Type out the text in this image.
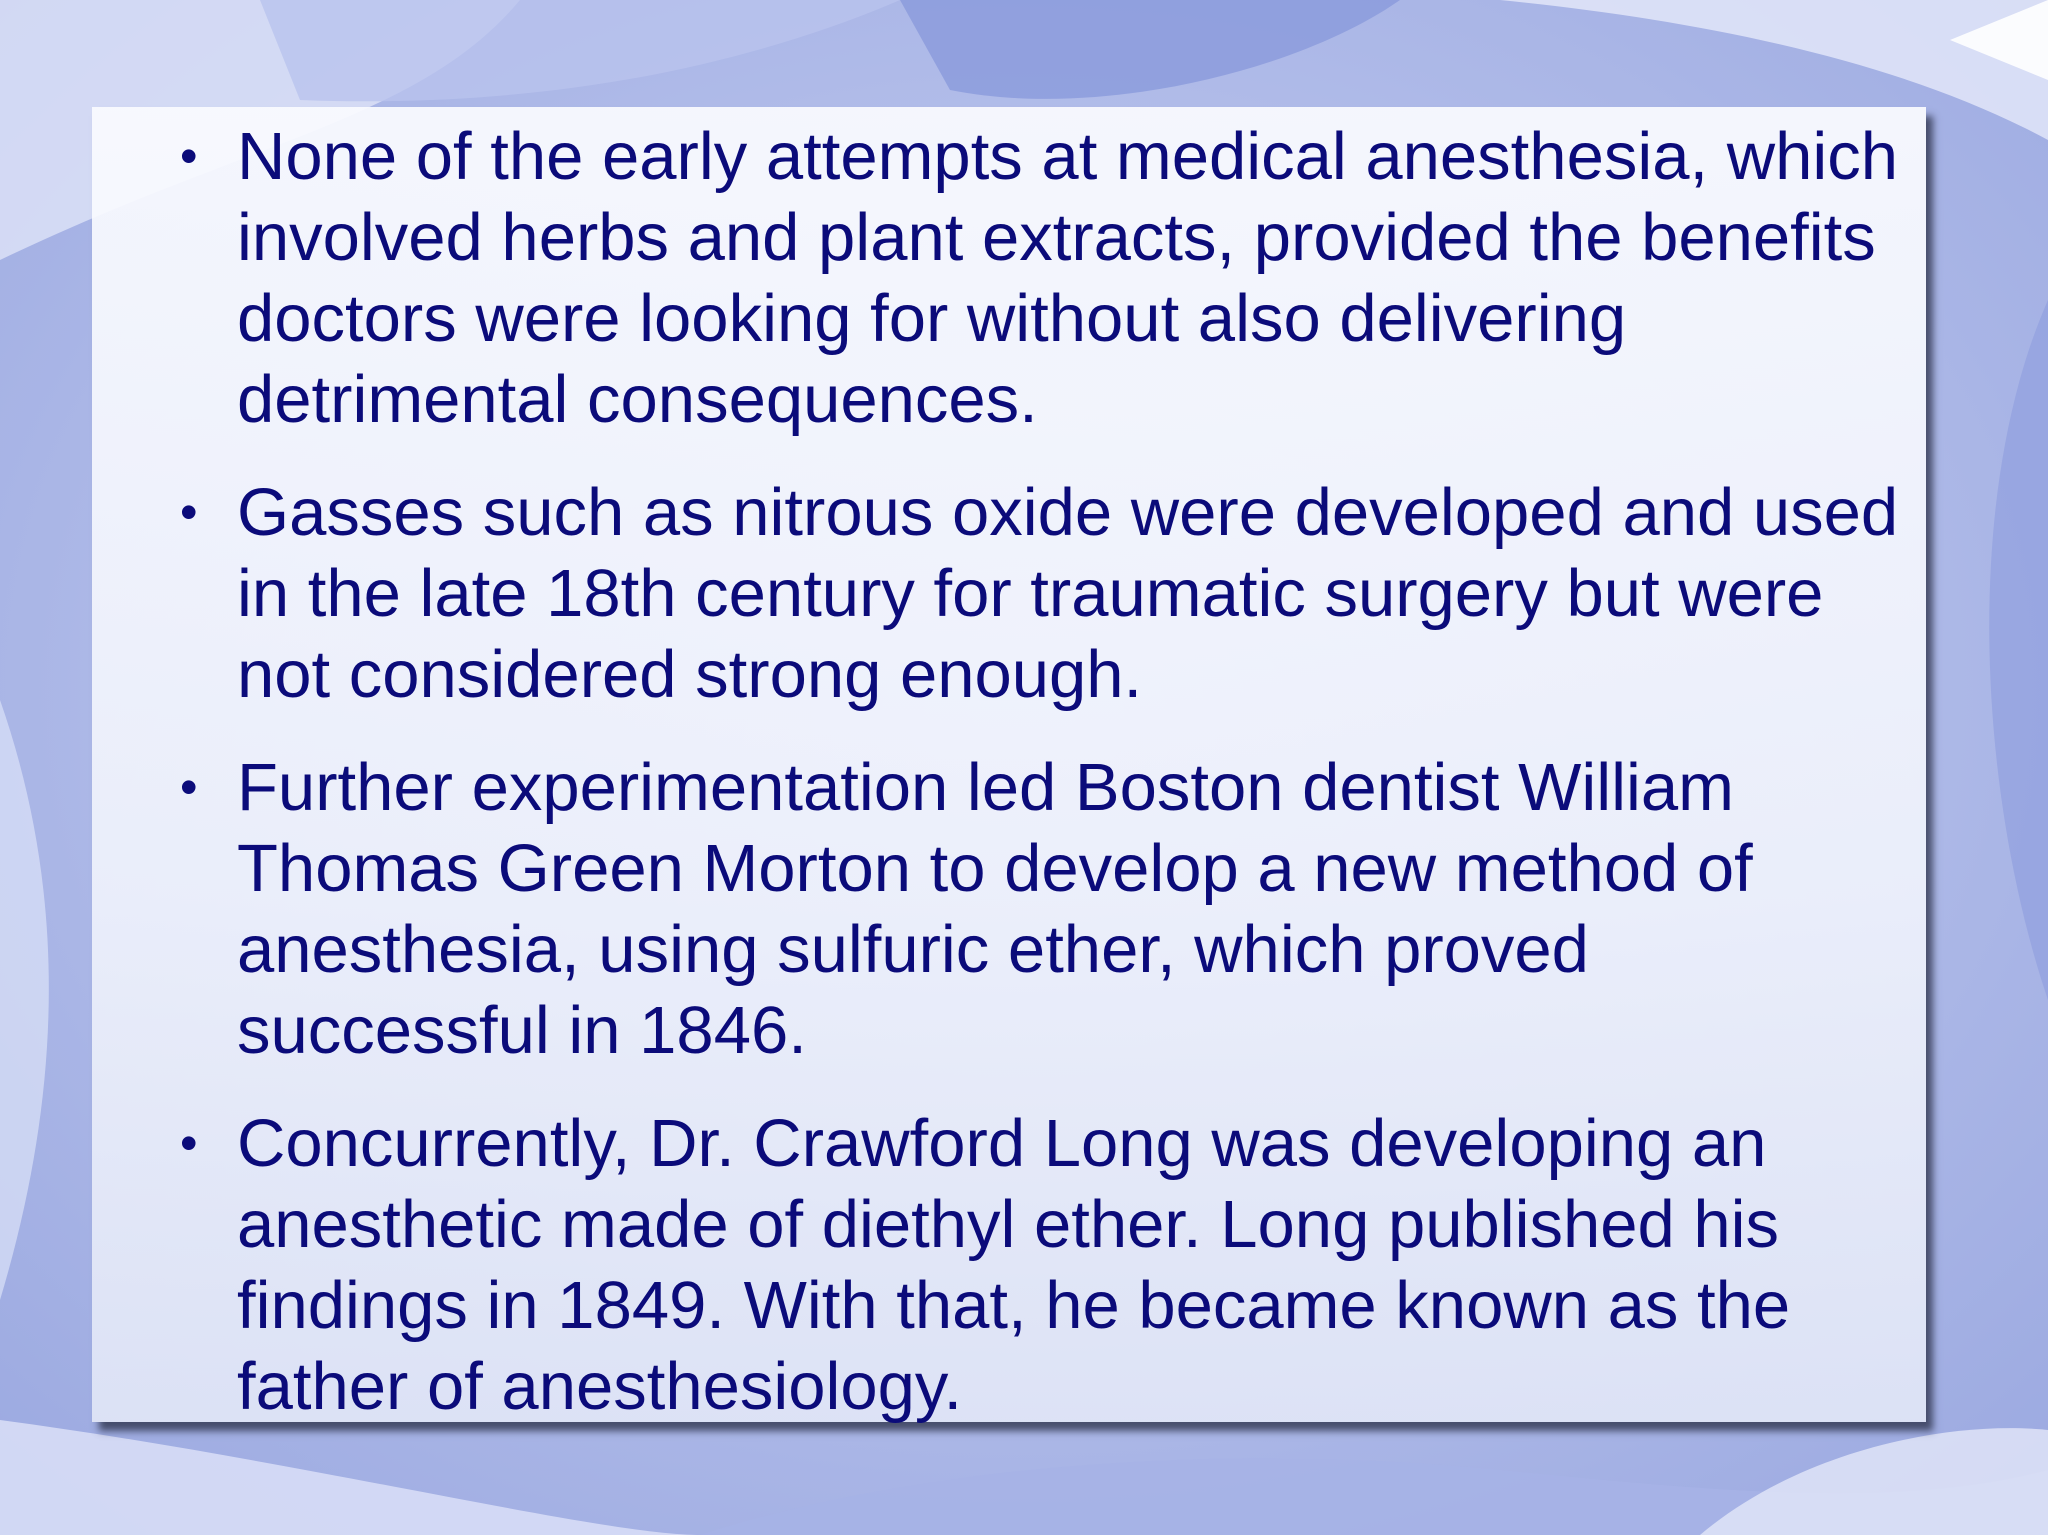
• None of the early attempts at medical anesthesia, which involved herbs and plant extracts, provided the benefits doctors were looking for without also delivering detrimental consequences.
• Gasses such as nitrous oxide were developed and used in the late 18th century for traumatic surgery but were not considered strong enough.
• Further experimentation led Boston dentist William Thomas Green Morton to develop a new method of anesthesia, using sulfuric ether, which proved successful in 1846.
• Concurrently, Dr. Crawford Long was developing an anesthetic made of diethyl ether. Long published his findings in 1849. With that, he became known as the father of anesthesiology.
